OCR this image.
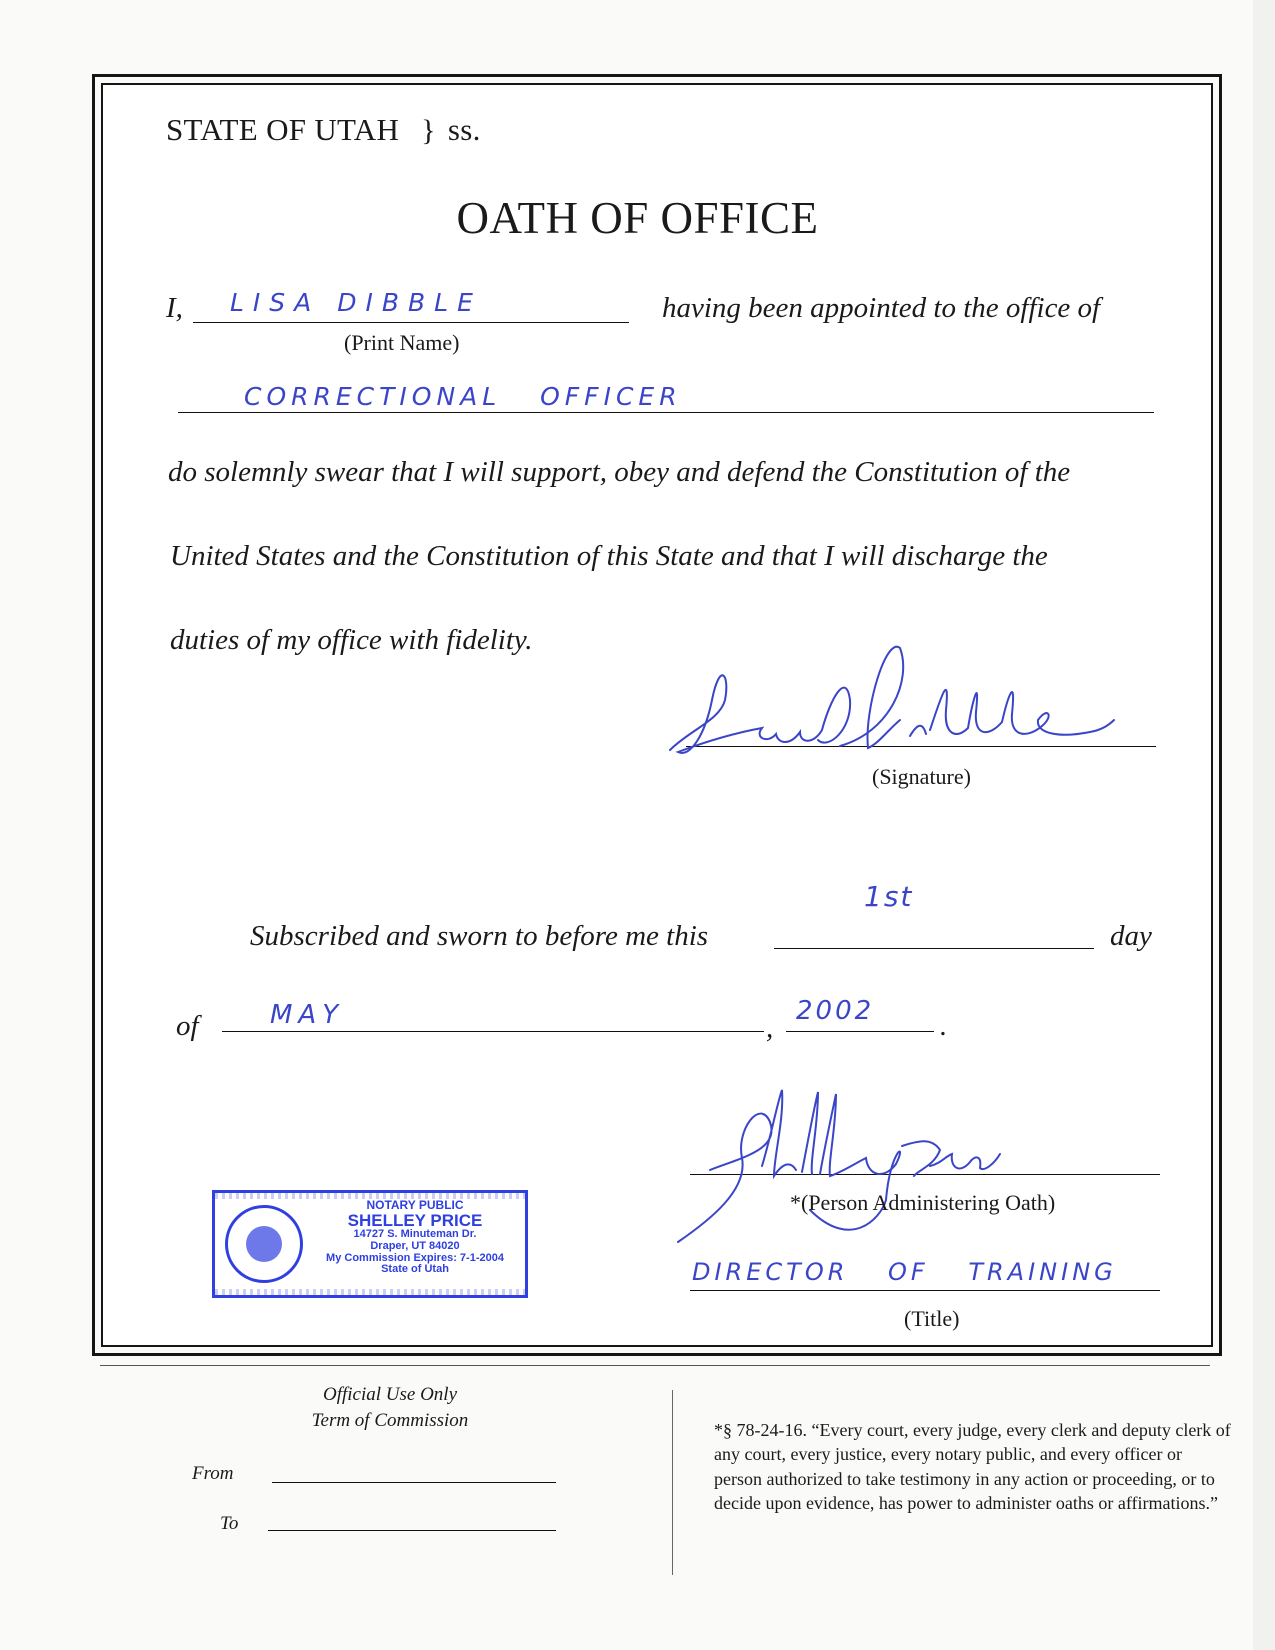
STATE OF UTAH } ss.
OATH OF OFFICE
I, LISA DIBBLE
(Print Name)
having been appointed to the office of
CORRECTIONAL OFFICER
do solemnly swear that I will support, obey and defend the Constitution of the
United States and the Constitution of this State and that I will discharge the
duties of my office with fidelity.
(Signature)
Subscribed and sworn to before me this
1st
day
of	MAY	,
2002 .
*(Person Administering Oath)
DIRECTOR OF TRAINING
(Title)
NOTARY PUBLIC
SHELLEY PRICE
14727 S. Minuteman Dr.
Draper, UT 84020
My Commission Expires: 7-1-2004
State of Utah
Official Use Only
Term of Commission
From
To
*§ 78-24-16. “Every court, every judge, every clerk and deputy clerk of any court, every justice, every notary public, and every officer or person authorized to take testimony in any action or proceeding, or to decide upon evidence, has power to administer oaths or affirmations.”
